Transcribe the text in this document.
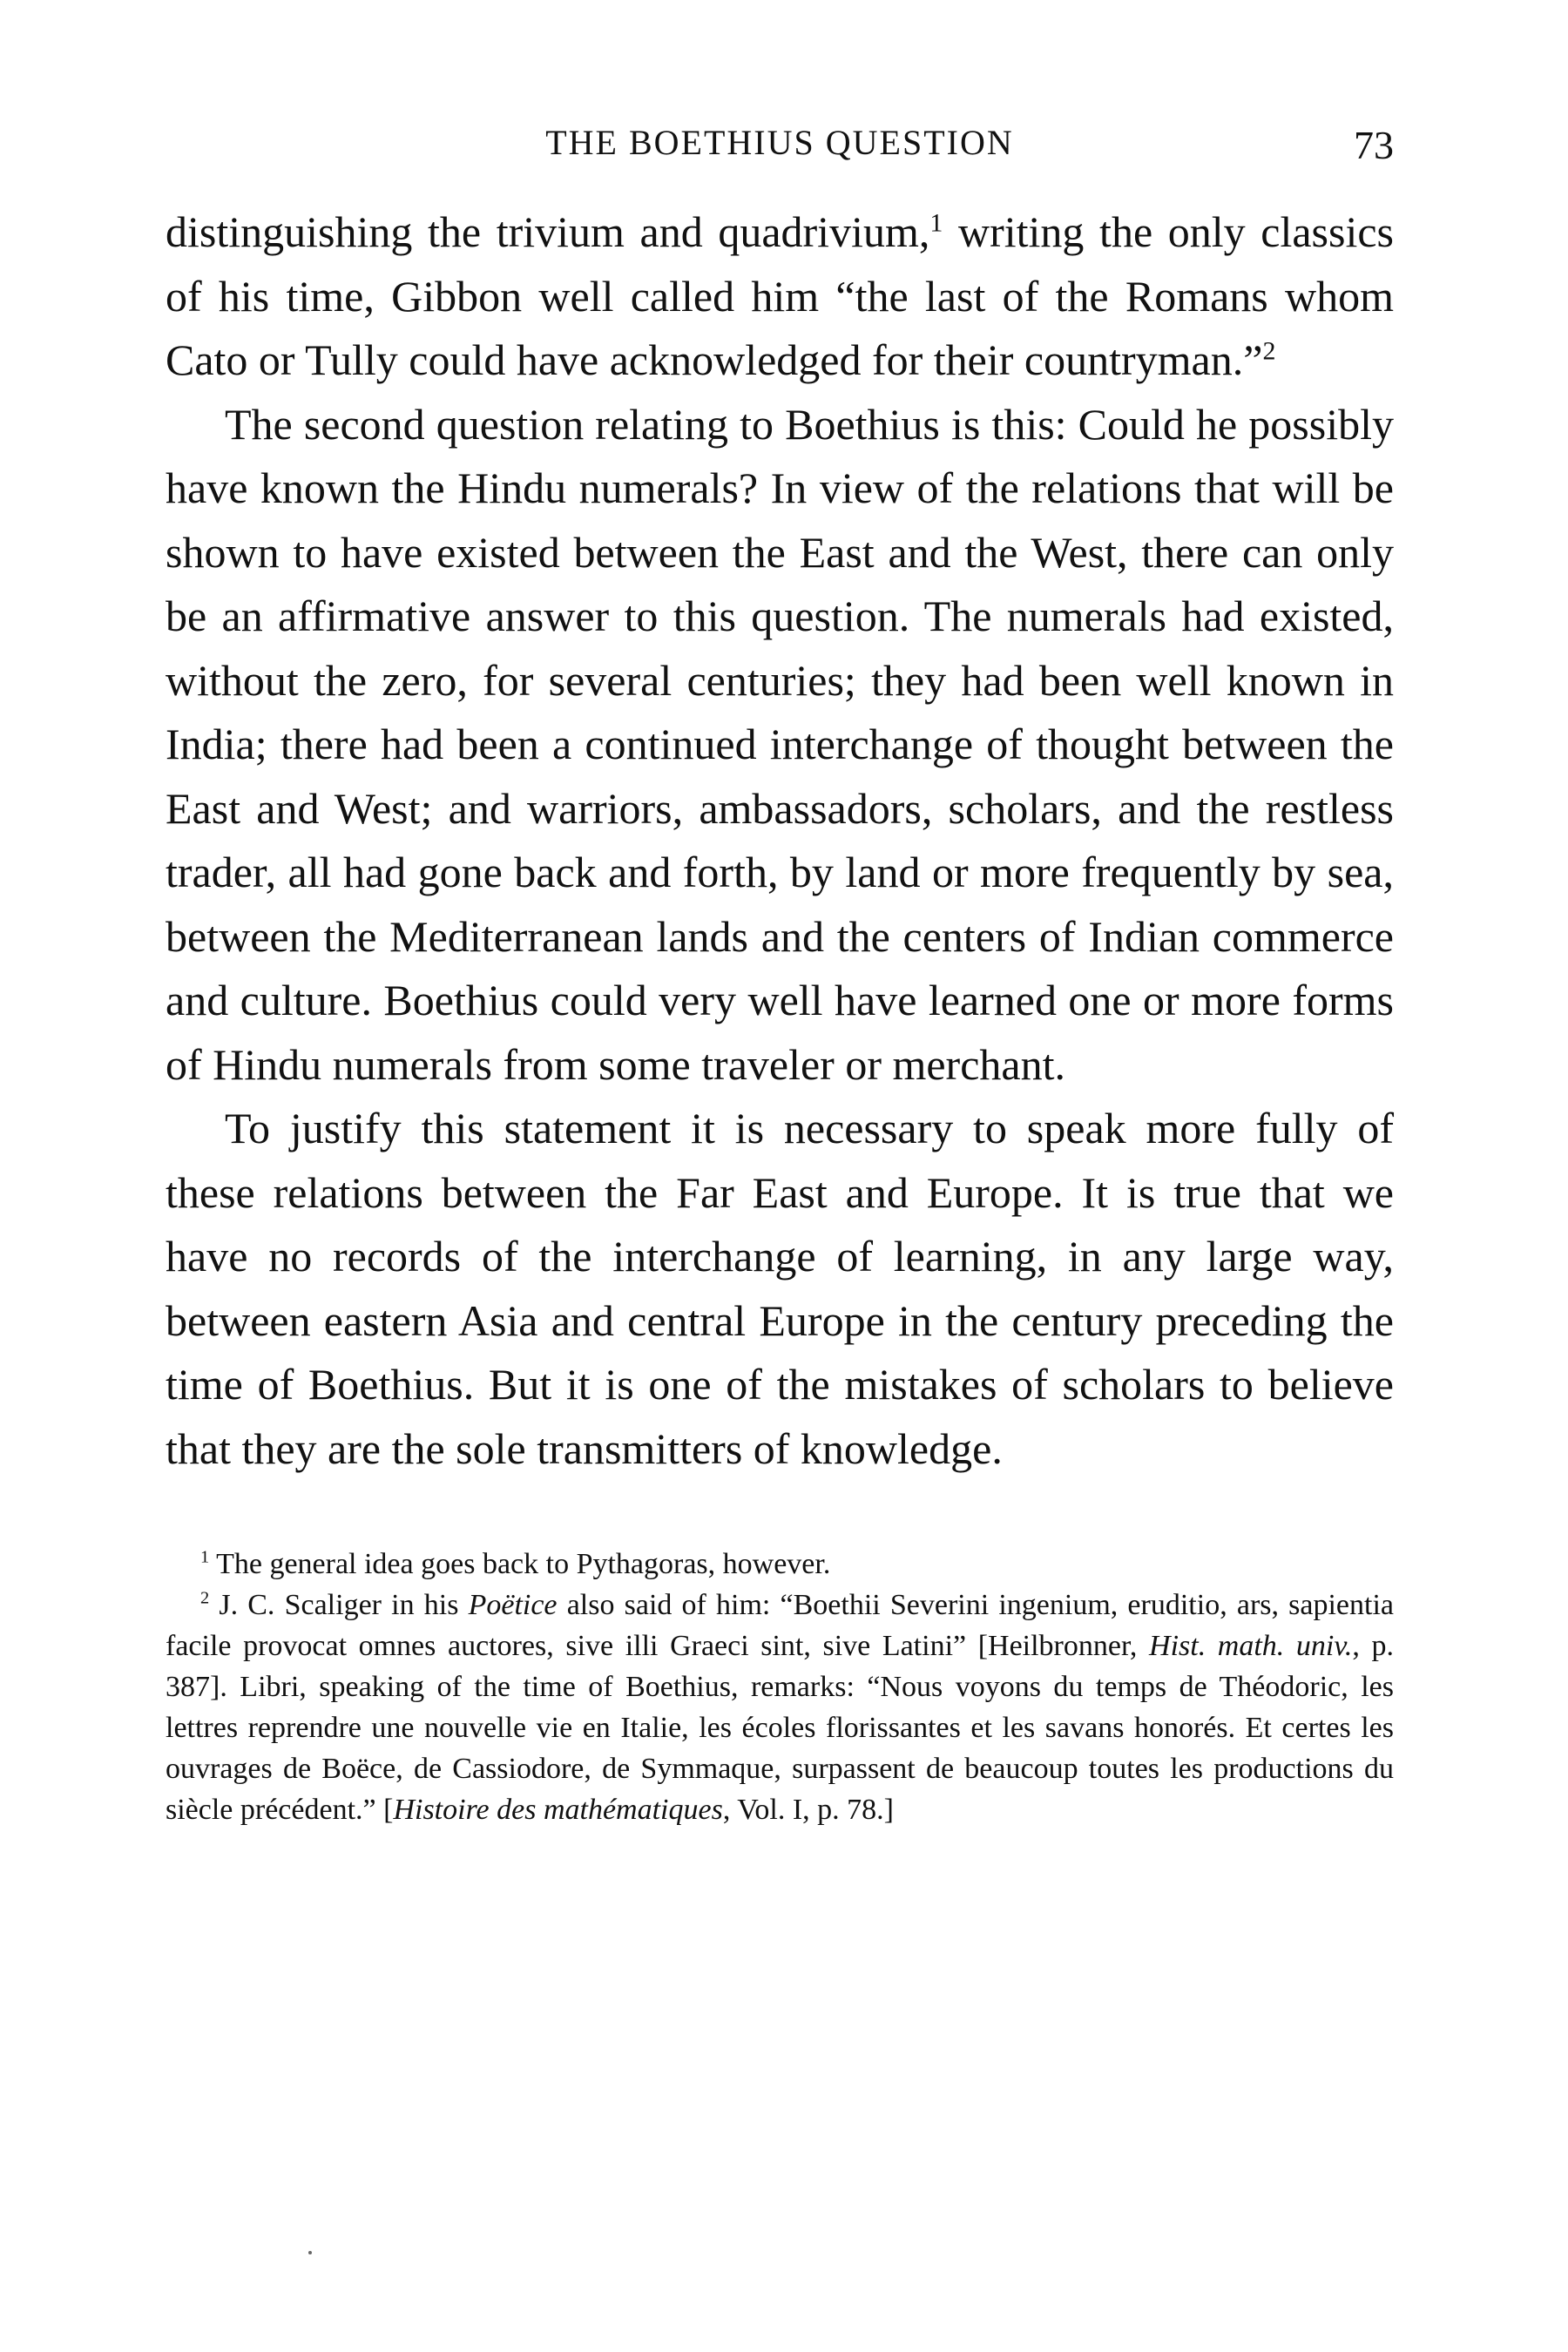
THE BOETHIUS QUESTION	73

distinguishing the trivium and quadrivium,$^1$ writing the only classics of his time, Gibbon well called him “the last of the Romans whom Cato or Tully could have acknowledged for their countryman.”$^2$

The second question relating to Boethius is this: Could he possibly have known the Hindu numerals? In view of the relations that will be shown to have existed between the East and the West, there can only be an affirmative answer to this question. The numerals had existed, without the zero, for several centuries; they had been well known in India; there had been a continued interchange of thought between the East and West; and warriors, ambassadors, scholars, and the restless trader, all had gone back and forth, by land or more frequently by sea, between the Mediterranean lands and the centers of Indian commerce and culture. Boethius could very well have learned one or more forms of Hindu numerals from some traveler or merchant.

To justify this statement it is necessary to speak more fully of these relations between the Far East and Europe. It is true that we have no records of the interchange of learning, in any large way, between eastern Asia and central Europe in the century preceding the time of Boethius. But it is one of the mistakes of scholars to believe that they are the sole transmitters of knowledge.

$^1$ The general idea goes back to Pythagoras, however.

$^2$ J. C. Scaliger in his Poëtice also said of him: “Boethii Severini ingenium, eruditio, ars, sapientia facile provocat omnes auctores, sive illi Graeci sint, sive Latini” [Heilbronner, Hist. math. univ., p. 387]. Libri, speaking of the time of Boethius, remarks: “Nous voyons du temps de Théodoric, les lettres reprendre une nouvelle vie en Italie, les écoles florissantes et les savans honorés. Et certes les ouvrages de Boëce, de Cassiodore, de Symmaque, surpassent de beaucoup toutes les productions du siècle précédent.” [Histoire des mathématiques, Vol. I, p. 78.]
